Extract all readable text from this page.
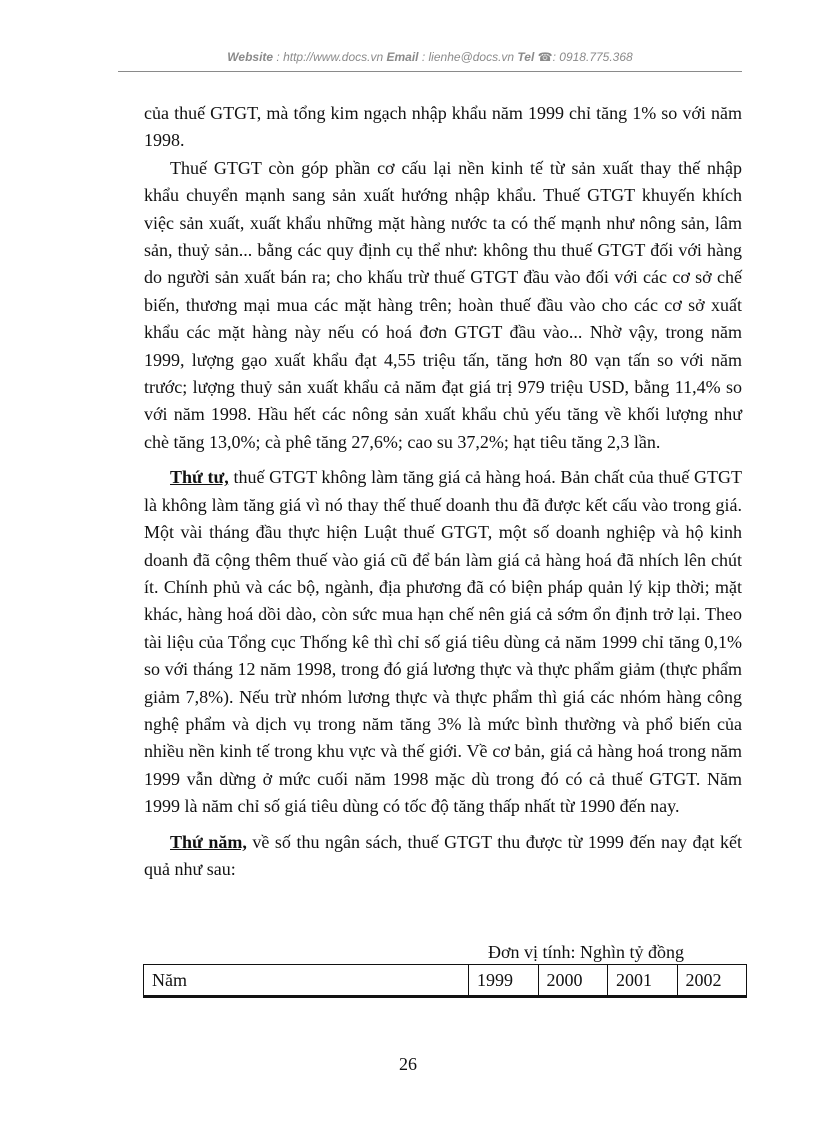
Website : http://www.docs.vn Email : lienhe@docs.vn Tel ☎: 0918.775.368

của thuế GTGT, mà tổng kim ngạch nhập khẩu năm 1999 chỉ tăng 1% so với năm 1998.

Thuế GTGT còn góp phần cơ cấu lại nền kinh tế từ sản xuất thay thế nhập khẩu chuyển mạnh sang sản xuất hướng nhập khẩu. Thuế GTGT khuyến khích việc sản xuất, xuất khẩu những mặt hàng nước ta có thế mạnh như nông sản, lâm sản, thuỷ sản... bằng các quy định cụ thể như: không thu thuế GTGT đối với hàng do người sản xuất bán ra; cho khấu trừ thuế GTGT đầu vào đối với các cơ sở chế biến, thương mại mua các mặt hàng trên; hoàn thuế đầu vào cho các cơ sở xuất khẩu các mặt hàng này nếu có hoá đơn GTGT đầu vào... Nhờ vậy, trong năm 1999, lượng gạo xuất khẩu đạt 4,55 triệu tấn, tăng hơn 80 vạn tấn so với năm trước; lượng thuỷ sản xuất khẩu cả năm đạt giá trị 979 triệu USD, bằng 11,4% so với năm 1998. Hầu hết các nông sản xuất khẩu chủ yếu tăng về khối lượng như chè tăng 13,0%; cà phê tăng 27,6%; cao su 37,2%; hạt tiêu tăng 2,3 lần.

Thứ tư, thuế GTGT không làm tăng giá cả hàng hoá. Bản chất của thuế GTGT là không làm tăng giá vì nó thay thế thuế doanh thu đã được kết cấu vào trong giá. Một vài tháng đầu thực hiện Luật thuế GTGT, một số doanh nghiệp và hộ kinh doanh đã cộng thêm thuế vào giá cũ để bán làm giá cả hàng hoá đã nhích lên chút ít. Chính phủ và các bộ, ngành, địa phương đã có biện pháp quản lý kịp thời; mặt khác, hàng hoá dồi dào, còn sức mua hạn chế nên giá cả sớm ổn định trở lại. Theo tài liệu của Tổng cục Thống kê thì chỉ số giá tiêu dùng cả năm 1999 chỉ tăng 0,1% so với tháng 12 năm 1998, trong đó giá lương thực và thực phẩm giảm (thực phẩm giảm 7,8%). Nếu trừ nhóm lương thực và thực phẩm thì giá các nhóm hàng công nghệ phẩm và dịch vụ trong năm tăng 3% là mức bình thường và phổ biến của nhiều nền kinh tế trong khu vực và thế giới. Về cơ bản, giá cả hàng hoá trong năm 1999 vẫn dừng ở mức cuối năm 1998 mặc dù trong đó có cả thuế GTGT. Năm 1999 là năm chỉ số giá tiêu dùng có tốc độ tăng thấp nhất từ 1990 đến nay.

Thứ năm, về số thu ngân sách, thuế GTGT thu được từ 1999 đến nay đạt kết quả như sau:

Đơn vị tính: Nghìn tỷ đồng
Năm	1999	2000	2001	2002
26
